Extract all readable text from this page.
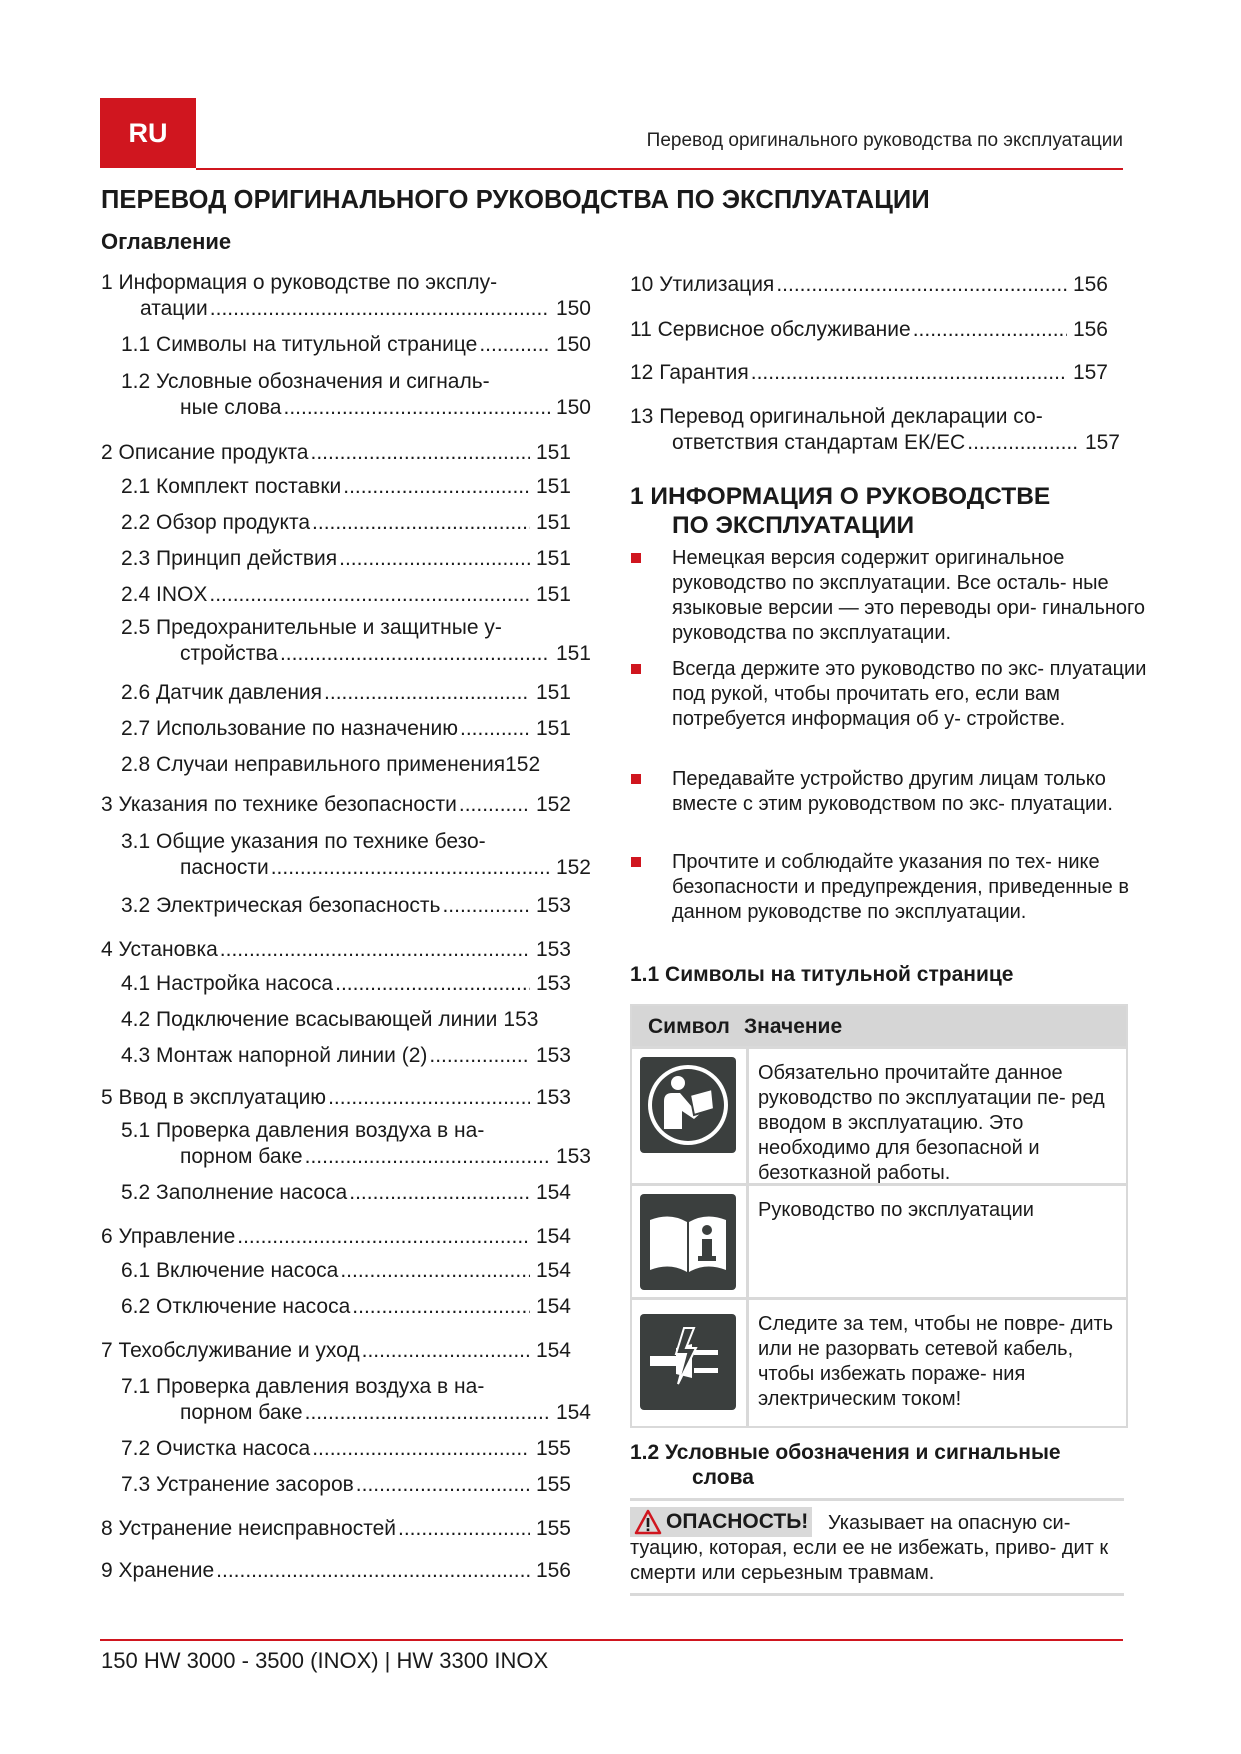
RU	Перевод оригинального руководства по эксплуатации
ПЕРЕВОД ОРИГИНАЛЬНОГО РУКОВОДСТВА ПО ЭКСПЛУАТАЦИИ
Оглавление
1 Информация о руководстве по эксплу-
атации .....	150
1.1 Символы на титульной странице .....	150
1.2 Условные обозначения и сигналь-
ные слова .....	150
2 Описание продукта .....	151
2.1 Комплект поставки .....	151
2.2 Обзор продукта .....	151
2.3 Принцип действия .....	151
2.4 INOX .....	151
2.5 Предохранительные и защитные у-
стройства .....	151
2.6 Датчик давления .....	151
2.7 Использование по назначению .....	151
2.8 Случаи неправильного применения 152
3 Указания по технике безопасности .....	152
3.1 Общие указания по технике безо-
пасности .....	152
3.2 Электрическая безопасность .....	153
4 Установка .....	153
4.1 Настройка насоса .....	153
4.2 Подключение всасывающей линии 153
4.3 Монтаж напорной линии (2) .....	153
5 Ввод в эксплуатацию .....	153
5.1 Проверка давления воздуха в на-
порном баке .....	153
5.2 Заполнение насоса .....	154
6 Управление .....	154
6.1 Включение насоса .....	154
6.2 Отключение насоса .....	154
7 Техобслуживание и уход .....	154
7.1 Проверка давления воздуха в на-
порном баке .....	154
7.2 Очистка насоса .....	155
7.3 Устранение засоров .....	155
8 Устранение неисправностей .....	155
9 Хранение .....	156
10 Утилизация .....	156
11 Сервисное обслуживание .....	156
12 Гарантия .....	157
13 Перевод оригинальной декларации со-
ответствия стандартам ЕК/ЕС .....	157
1 ИНФОРМАЦИЯ О РУКОВОДСТВЕ
ПО ЭКСПЛУАТАЦИИ
Немецкая версия содержит оригинальное руководство по эксплуатации. Все осталь- ные языковые версии — это переводы ори- гинального руководства по эксплуатации.
Всегда держите это руководство по экс- плуатации под рукой, чтобы прочитать его, если вам потребуется информация об у- стройстве.
Передавайте устройство другим лицам только вместе с этим руководством по экс- плуатации.
Прочтите и соблюдайте указания по тех- нике безопасности и предупреждения, приведенные в данном руководстве по эксплуатации.
1.1 Символы на титульной странице
Символ Значение
Обязательно прочитайте данное руководство по эксплуатации пе- ред вводом в эксплуатацию. Это необходимо для безопасной и безотказной работы.
Руководство по эксплуатации
Следите за тем, чтобы не повре- дить или не разорвать сетевой кабель, чтобы избежать пораже- ния электрическим током!
1.2 Условные обозначения и сигнальные
слова
Указывает на опасную си- туацию, которая, если ее не избежать, приво- дит к смерти или серьезным травмам.
ОПАСНОСТЬ!
150 HW 3000 - 3500 (INOX) | HW 3300 INOX
